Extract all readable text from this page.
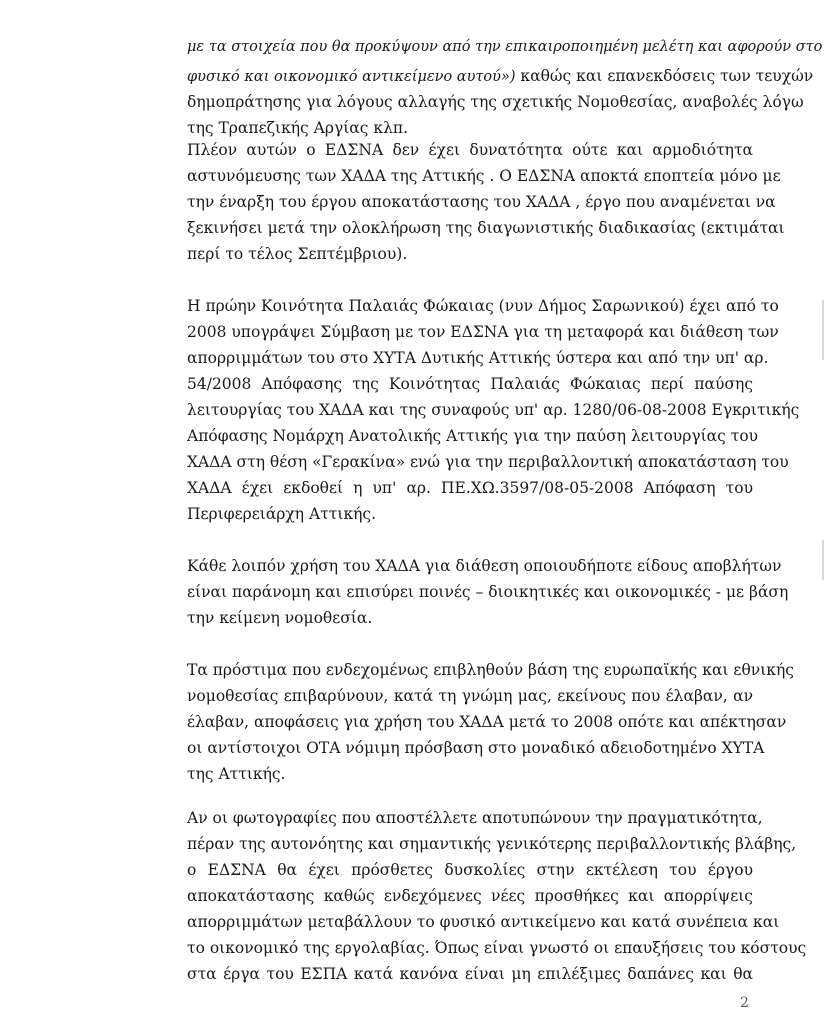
με τα στοιχεία που θα προκύψουν από την επικαιροποιημένη μελέτη και αφορούν στο
φυσικό και οικονομικό αντικείμενο αυτού») καθώς και επανεκδόσεις των τευχών
δημοπράτησης για λόγους αλλαγής της σχετικής Νομοθεσίας, αναβολές λόγω
της Τραπεζικής Αργίας κλπ.
Πλέον αυτών ο ΕΔΣΝΑ δεν έχει δυνατότητα ούτε και αρμοδιότητα
αστυνόμευσης των ΧΑΔΑ της Αττικής . Ο ΕΔΣΝΑ αποκτά εποπτεία μόνο με
την έναρξη του έργου αποκατάστασης του ΧΑΔΑ , έργο που αναμένεται να
ξεκινήσει μετά την ολοκλήρωση της διαγωνιστικής διαδικασίας (εκτιμάται
περί το τέλος Σεπτέμβριου).
Η πρώην Κοινότητα Παλαιάς Φώκαιας (νυν Δήμος Σαρωνικού) έχει από το
2008 υπογράψει Σύμβαση με τον ΕΔΣΝΑ για τη μεταφορά και διάθεση των
απορριμμάτων του στο ΧΥΤΑ Δυτικής Αττικής ύστερα και από την υπ' αρ.
54/2008 Απόφασης της Κοινότητας Παλαιάς Φώκαιας περί παύσης
λειτουργίας του ΧΑΔΑ και της συναφούς υπ' αρ. 1280/06-08-2008 Εγκριτικής
Απόφασης Νομάρχη Ανατολικής Αττικής για την παύση λειτουργίας του
ΧΑΔΑ στη θέση «Γερακίνα» ενώ για την περιβαλλοντική αποκατάσταση του
ΧΑΔΑ έχει εκδοθεί η υπ' αρ. ΠΕ.ΧΩ.3597/08-05-2008 Απόφαση του
Περιφερειάρχη Αττικής.
Κάθε λοιπόν χρήση του ΧΑΔΑ για διάθεση οποιουδήποτε είδους αποβλήτων
είναι παράνομη και επισύρει ποινές – διοικητικές και οικονομικές - με βάση
την κείμενη νομοθεσία.
Τα πρόστιμα που ενδεχομένως επιβληθούν βάση της ευρωπαϊκής και εθνικής
νομοθεσίας επιβαρύνουν, κατά τη γνώμη μας, εκείνους που έλαβαν, αν
έλαβαν, αποφάσεις για χρήση του ΧΑΔΑ μετά το 2008 οπότε και απέκτησαν
οι αντίστοιχοι ΟΤΑ νόμιμη πρόσβαση στο μοναδικό αδειοδοτημένο ΧΥΤΑ
της Αττικής.
Αν οι φωτογραφίες που αποστέλλετε αποτυπώνουν την πραγματικότητα,
πέραν της αυτονόητης και σημαντικής γενικότερης περιβαλλοντικής βλάβης,
ο ΕΔΣΝΑ θα έχει πρόσθετες δυσκολίες στην εκτέλεση του έργου
αποκατάστασης καθώς ενδεχόμενες νέες προσθήκες και απορρίψεις
απορριμμάτων μεταβάλλουν το φυσικό αντικείμενο και κατά συνέπεια και
το οικονομικό της εργολαβίας. Όπως είναι γνωστό οι επαυξήσεις του κόστους
στα έργα του ΕΣΠΑ κατά κανόνα είναι μη επιλέξιμες δαπάνες και θα
2
